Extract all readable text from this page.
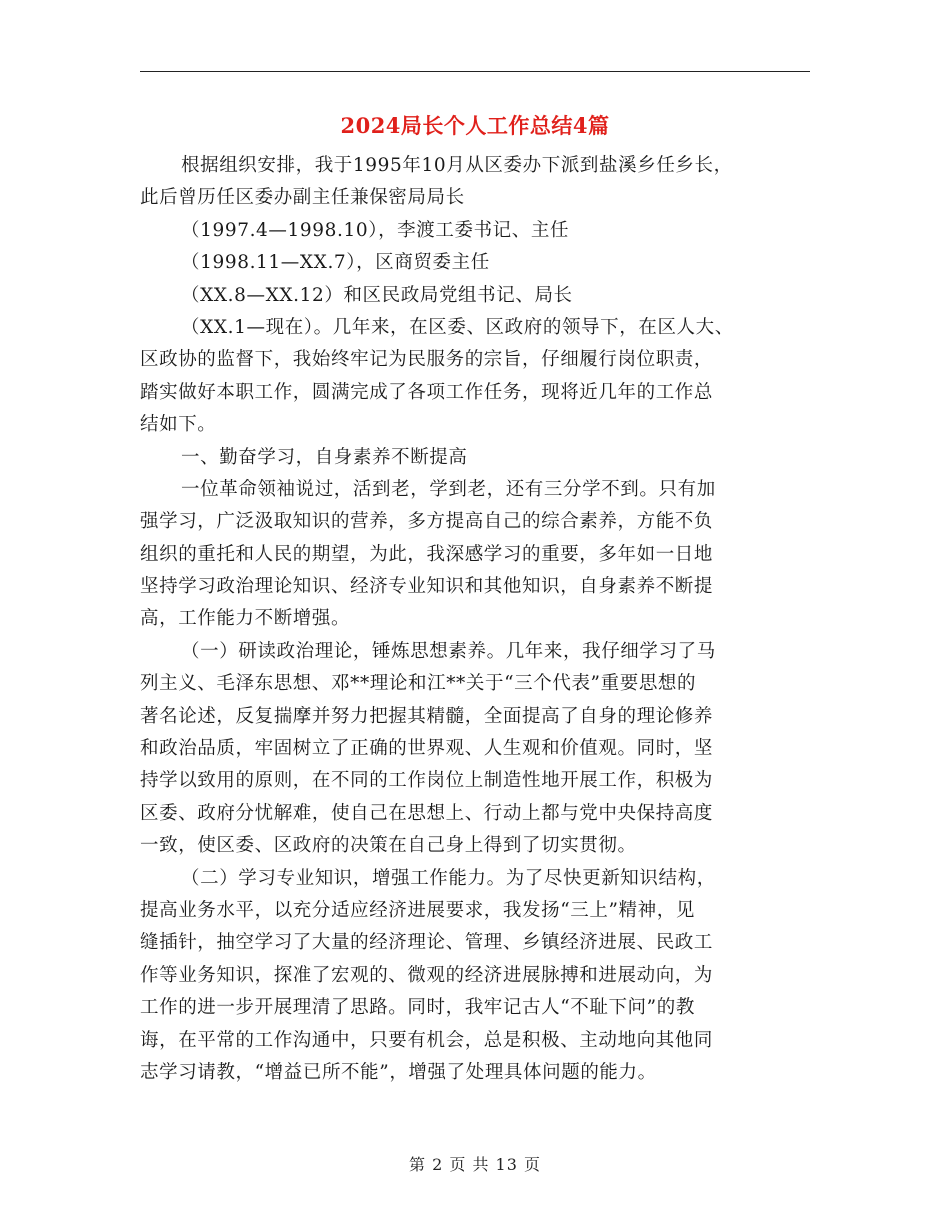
2024局长个人工作总结4篇
根据组织安排，我于1995年10月从区委办下派到盐溪乡任乡长，
此后曾历任区委办副主任兼保密局局长
（1997.4—1998.10），李渡工委书记、主任
（1998.11—XX.7），区商贸委主任
（XX.8—XX.12）和区民政局党组书记、局长
（XX.1—现在）。几年来，在区委、区政府的领导下，在区人大、
区政协的监督下，我始终牢记为民服务的宗旨，仔细履行岗位职责，
踏实做好本职工作，圆满完成了各项工作任务，现将近几年的工作总
结如下。
一、勤奋学习，自身素养不断提高
一位革命领袖说过，活到老，学到老，还有三分学不到。只有加
强学习，广泛汲取知识的营养，多方提高自己的综合素养，方能不负
组织的重托和人民的期望，为此，我深感学习的重要，多年如一日地
坚持学习政治理论知识、经济专业知识和其他知识，自身素养不断提
高，工作能力不断增强。
（一）研读政治理论，锤炼思想素养。几年来，我仔细学习了马
列主义、毛泽东思想、邓**理论和江**关于“三个代表”重要思想的
著名论述，反复揣摩并努力把握其精髓，全面提高了自身的理论修养
和政治品质，牢固树立了正确的世界观、人生观和价值观。同时，坚
持学以致用的原则，在不同的工作岗位上制造性地开展工作，积极为
区委、政府分忧解难，使自己在思想上、行动上都与党中央保持高度
一致，使区委、区政府的决策在自己身上得到了切实贯彻。
（二）学习专业知识，增强工作能力。为了尽快更新知识结构，
提高业务水平，以充分适应经济进展要求，我发扬“三上”精神，见
缝插针，抽空学习了大量的经济理论、管理、乡镇经济进展、民政工
作等业务知识，探准了宏观的、微观的经济进展脉搏和进展动向，为
工作的进一步开展理清了思路。同时，我牢记古人“不耻下问”的教
诲，在平常的工作沟通中，只要有机会，总是积极、主动地向其他同
志学习请教，“增益已所不能”，增强了处理具体问题的能力。
第 2 页 共 13 页
